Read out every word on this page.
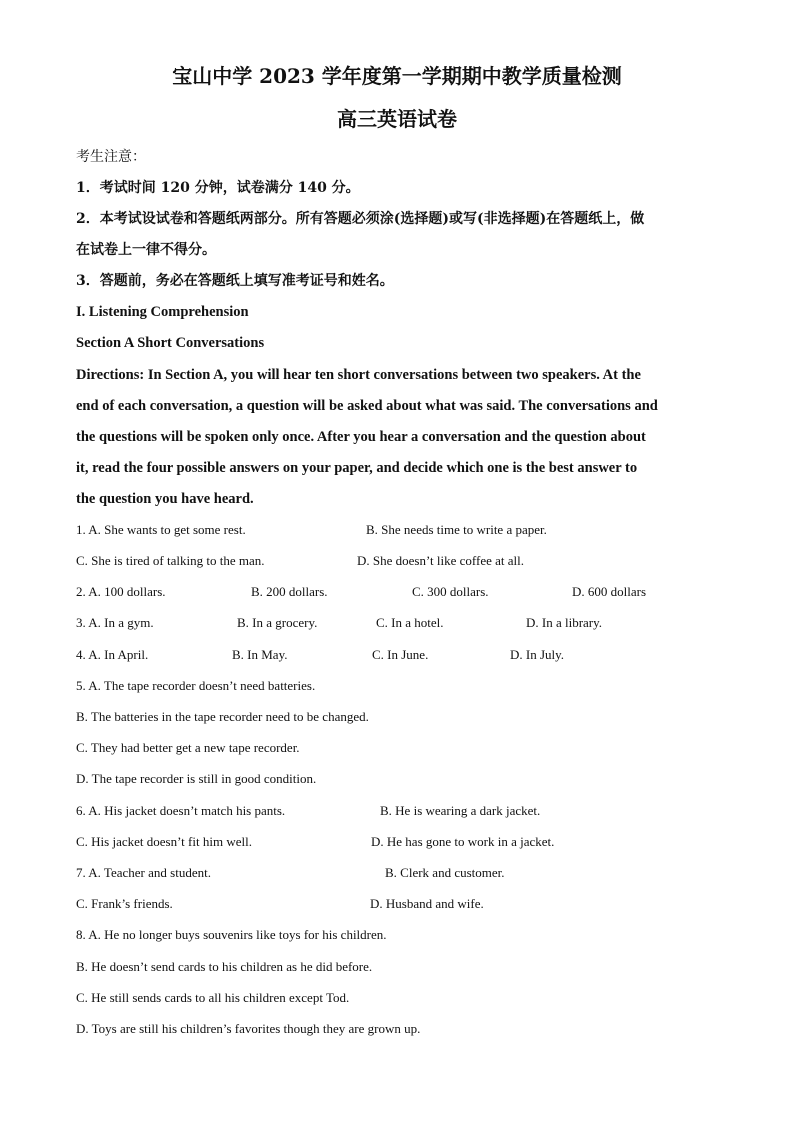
宝山中学 2023 学年度第一学期期中教学质量检测
高三英语试卷
考生注意：
1．考试时间 120 分钟，试卷满分 140 分。
2．本考试设试卷和答题纸两部分。所有答题必须涂(选择题)或写(非选择题)在答题纸上，做
在试卷上一律不得分。
3．答题前，务必在答题纸上填写准考证号和姓名。
I. Listening Comprehension
Section A Short Conversations
Directions: In Section A, you will hear ten short conversations between two speakers. At the
end of each conversation, a question will be asked about what was said. The conversations and
the questions will be spoken only once. After you hear a conversation and the question about
it, read the four possible answers on your paper, and decide which one is the best answer to
the question you have heard.
1. A. She wants to get some rest.	B. She needs time to write a paper.
C. She is tired of talking to the man.	D. She doesn’t like coffee at all.
2. A. 100 dollars.	B. 200 dollars.	C. 300 dollars.	D. 600 dollars
3. A. In a gym.	B. In a grocery.	C. In a hotel.	D. In a library.
4. A. In April.	B. In May.	C. In June.	D. In July.
5. A. The tape recorder doesn’t need batteries.
B. The batteries in the tape recorder need to be changed.
C. They had better get a new tape recorder.
D. The tape recorder is still in good condition.
6. A. His jacket doesn’t match his pants.	B. He is wearing a dark jacket.
C. His jacket doesn’t fit him well.	D. He has gone to work in a jacket.
7. A. Teacher and student.	B. Clerk and customer.
C. Frank’s friends.	D. Husband and wife.
8. A. He no longer buys souvenirs like toys for his children.
B. He doesn’t send cards to his children as he did before.
C. He still sends cards to all his children except Tod.
D. Toys are still his children’s favorites though they are grown up.
